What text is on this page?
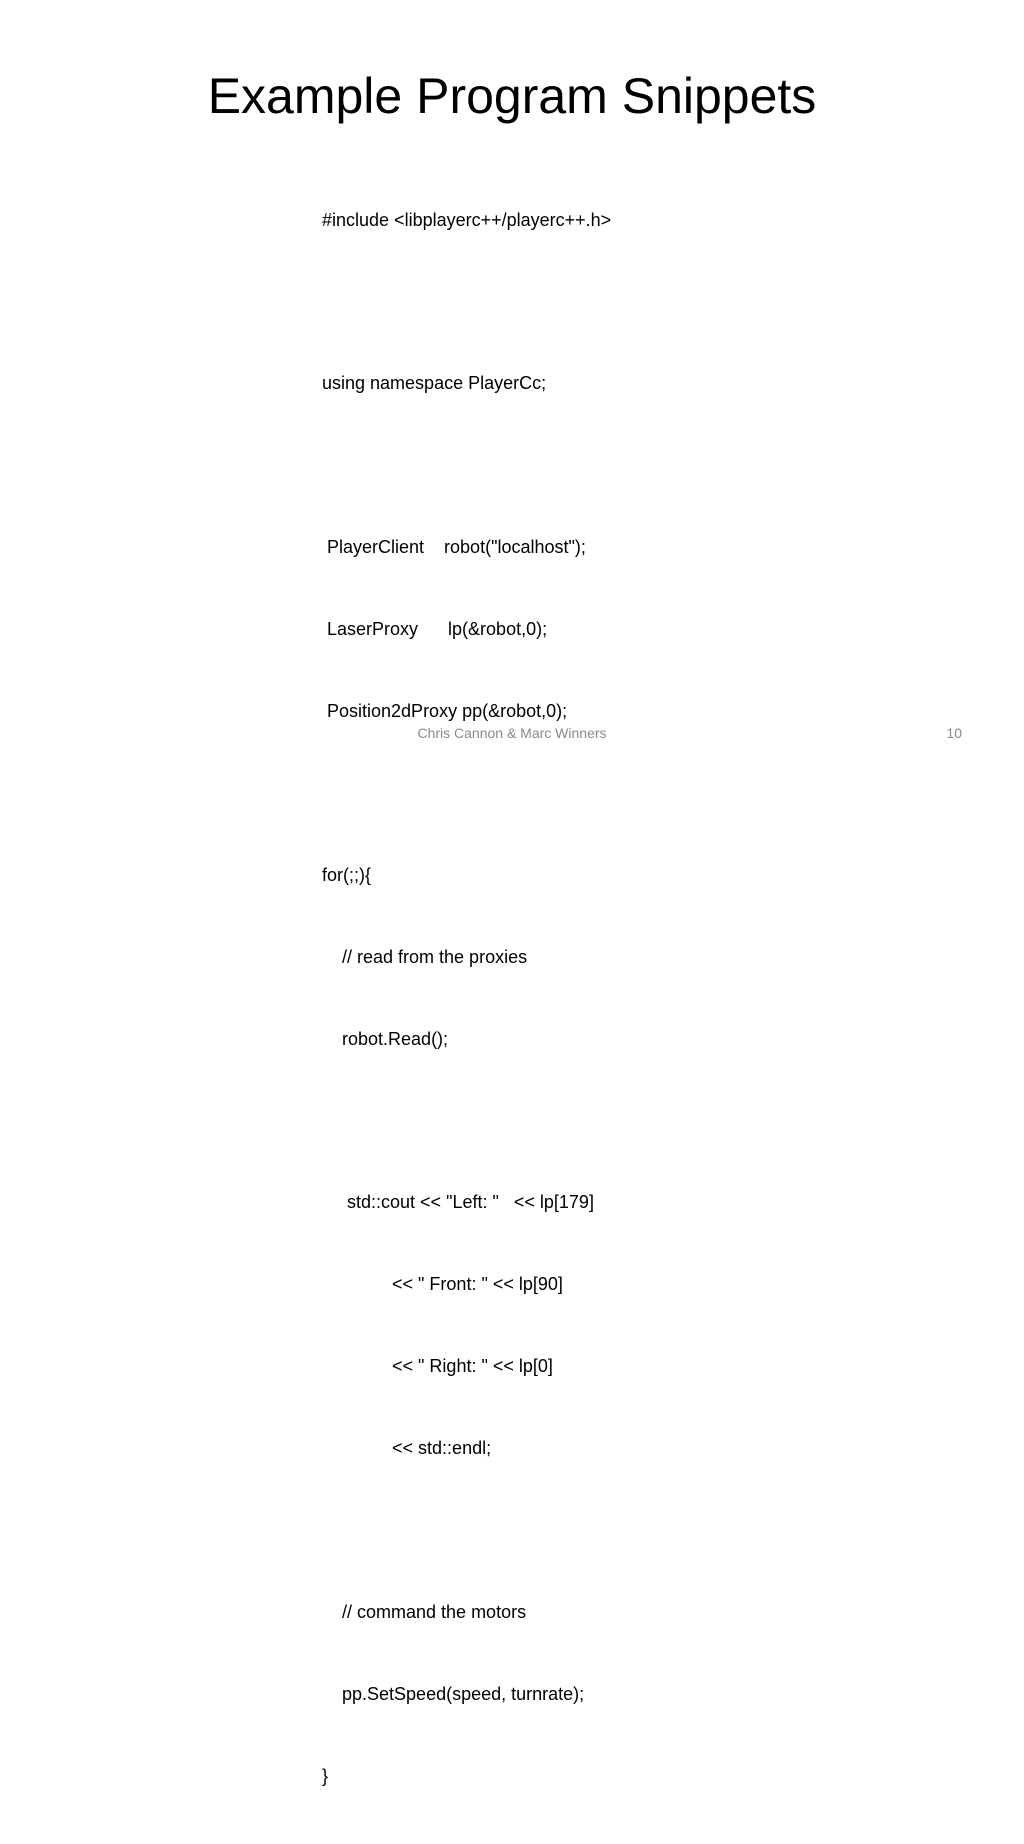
Example Program Snippets

#include <libplayerc++/playerc++.h>

using namespace PlayerCc;

PlayerClient    robot("localhost");

LaserProxy      lp(&robot,0);

Position2dProxy pp(&robot,0);

for(;;){

// read from the proxies

robot.Read();

std::cout << "Left: "   << lp[179]

<< " Front: " << lp[90]

<< " Right: " << lp[0]

<< std::endl;

// command the motors

pp.SetSpeed(speed, turnrate);

}

Chris Cannon & Marc Winners	10
